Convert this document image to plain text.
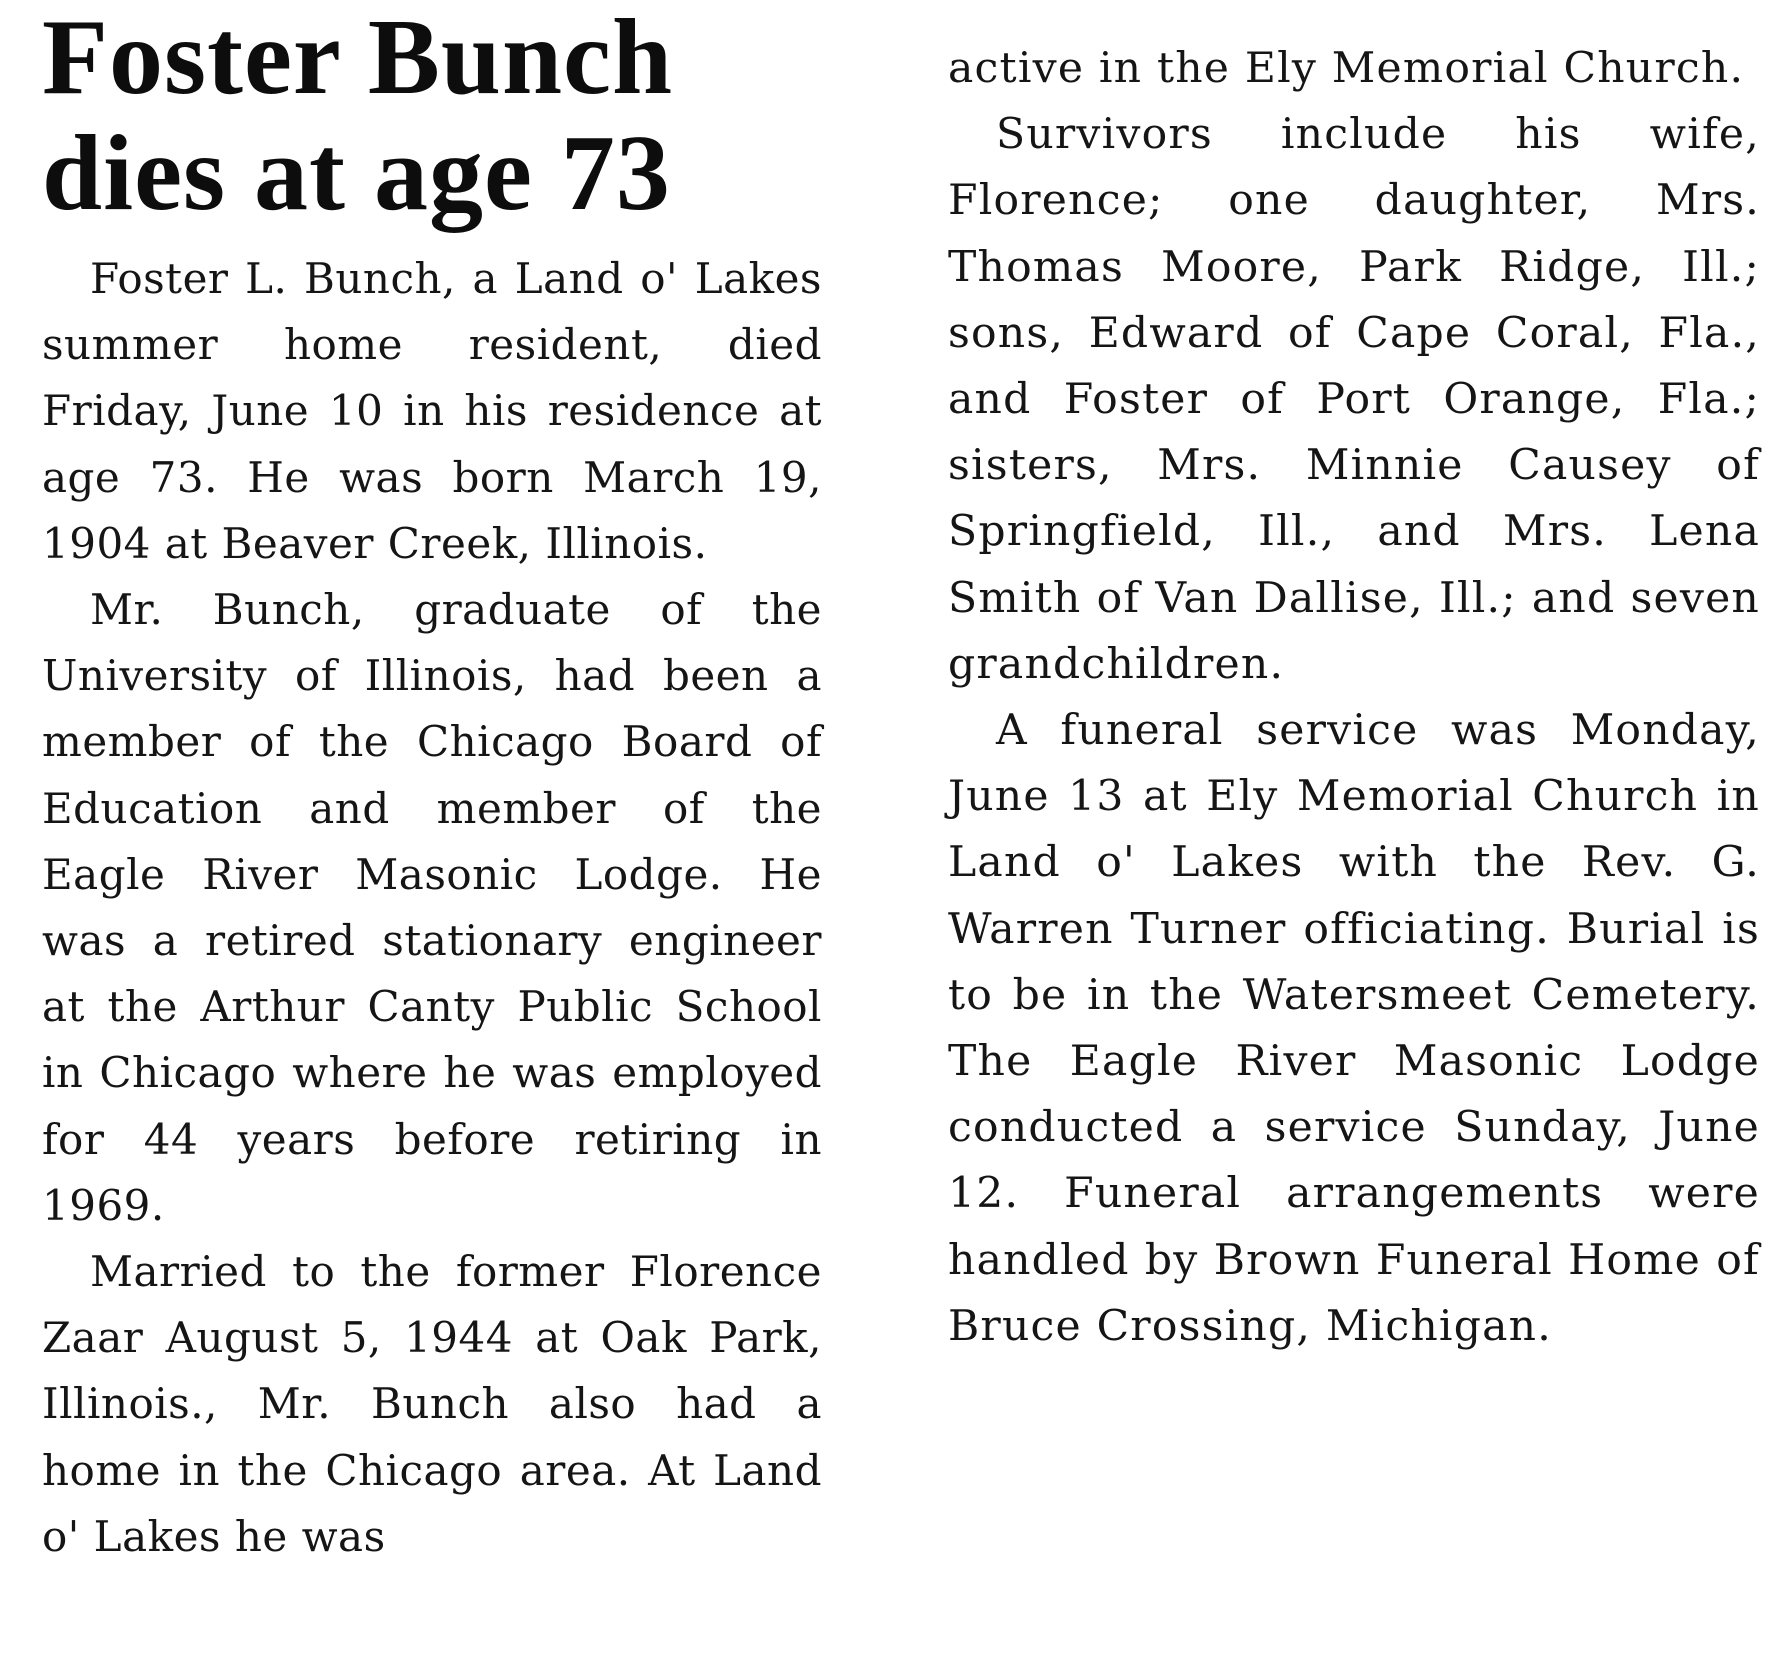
Foster Bunch
dies at age 73

Foster L. Bunch, a Land o' Lakes summer home resident, died Friday, June 10 in his residence at age 73. He was born March 19, 1904 at Beaver Creek, Illinois.

Mr. Bunch, graduate of the University of Illinois, had been a member of the Chicago Board of Education and member of the Eagle River Masonic Lodge. He was a retired stationary engineer at the Arthur Canty Public School in Chicago where he was employed for 44 years before retiring in 1969.

Married to the former Florence Zaar August 5, 1944 at Oak Park, Illinois., Mr. Bunch also had a home in the Chicago area. At Land o' Lakes he was

active in the Ely Memorial Church.

Survivors include his wife, Florence; one daughter, Mrs. Thomas Moore, Park Ridge, Ill.; sons, Edward of Cape Coral, Fla., and Foster of Port Orange, Fla.; sisters, Mrs. Minnie Causey of Springfield, Ill., and Mrs. Lena Smith of Van Dallise, Ill.; and seven grandchildren.

A funeral service was Monday, June 13 at Ely Memorial Church in Land o' Lakes with the Rev. G. Warren Turner officiating. Burial is to be in the Watersmeet Cemetery. The Eagle River Masonic Lodge conducted a service Sunday, June 12. Funeral arrangements were handled by Brown Funeral Home of Bruce Crossing, Michigan.
